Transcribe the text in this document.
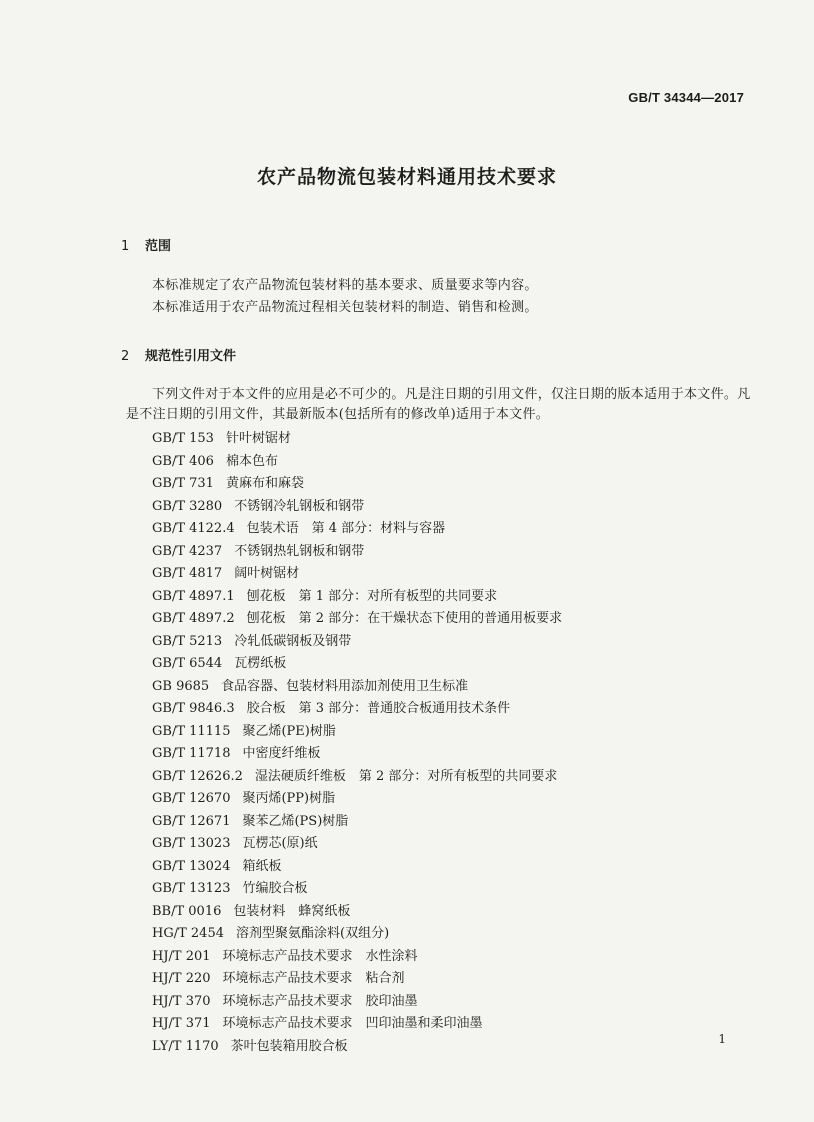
GB/T 34344—2017
农产品物流包装材料通用技术要求
1 范围

本标准规定了农产品物流包装材料的基本要求、质量要求等内容。

本标准适用于农产品物流过程相关包装材料的制造、销售和检测。

2 规范性引用文件

下列文件对于本文件的应用是必不可少的。凡是注日期的引用文件，仅注日期的版本适用于本文件。凡是不注日期的引用文件，其最新版本(包括所有的修改单)适用于本文件。

GB/T 153 针叶树锯材
GB/T 406 棉本色布
GB/T 731 黄麻布和麻袋
GB/T 3280 不锈钢冷轧钢板和钢带
GB/T 4122.4 包装术语　第 4 部分：材料与容器
GB/T 4237 不锈钢热轧钢板和钢带
GB/T 4817 阔叶树锯材
GB/T 4897.1 刨花板　第 1 部分：对所有板型的共同要求
GB/T 4897.2 刨花板　第 2 部分：在干燥状态下使用的普通用板要求
GB/T 5213 冷轧低碳钢板及钢带
GB/T 6544 瓦楞纸板
GB 9685 食品容器、包装材料用添加剂使用卫生标准
GB/T 9846.3 胶合板　第 3 部分：普通胶合板通用技术条件
GB/T 11115 聚乙烯(PE)树脂
GB/T 11718 中密度纤维板
GB/T 12626.2 湿法硬质纤维板　第 2 部分：对所有板型的共同要求
GB/T 12670 聚丙烯(PP)树脂
GB/T 12671 聚苯乙烯(PS)树脂
GB/T 13023 瓦楞芯(原)纸
GB/T 13024 箱纸板
GB/T 13123 竹编胶合板
BB/T 0016 包装材料　蜂窝纸板
HG/T 2454 溶剂型聚氨酯涂料(双组分)
HJ/T 201 环境标志产品技术要求　水性涂料
HJ/T 220 环境标志产品技术要求　粘合剂
HJ/T 370 环境标志产品技术要求　胶印油墨
HJ/T 371 环境标志产品技术要求　凹印油墨和柔印油墨
LY/T 1170 茶叶包装箱用胶合板	1
